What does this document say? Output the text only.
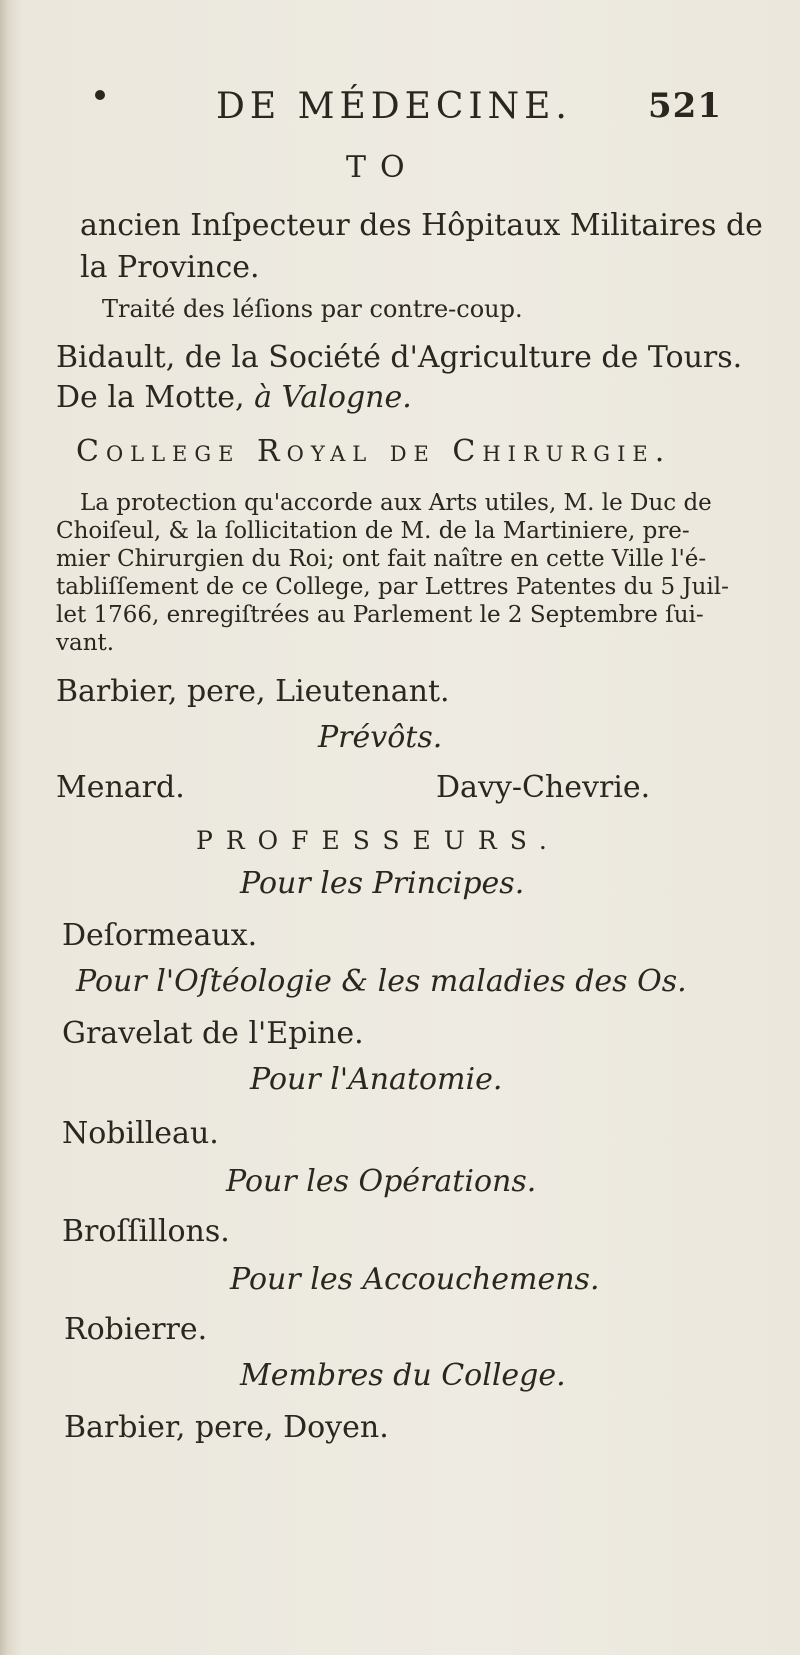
DE MÉDECINE. 521
TO
ancien Inſpecteur des Hôpitaux Militaires de
la Province.
Traité des léſions par contre-coup.
Bidault, de la Société d'Agriculture de Tours.
De la Motte, à Valogne.
College Royal de Chirurgie.
La protection qu'accorde aux Arts utiles, M. le Duc de
Choiſeul, & la ſollicitation de M. de la Martiniere, pre-
mier Chirurgien du Roi; ont fait naître en cette Ville l'é-
tabliſſement de ce College, par Lettres Patentes du 5 Juil-
let 1766, enregiſtrées au Parlement le 2 Septembre ſui-
vant.
Barbier, pere, Lieutenant.
Prévôts.
Menard.	Davy-Chevrie.
PROFESSEURS.
Pour les Principes.
Deſormeaux.
Pour l'Oſtéologie & les maladies des Os.
Gravelat de l'Epine.
Pour l'Anatomie.
Nobilleau.
Pour les Opérations.
Broſſillons.
Pour les Accouchemens.
Robierre.
Membres du College.
Barbier, pere, Doyen.
